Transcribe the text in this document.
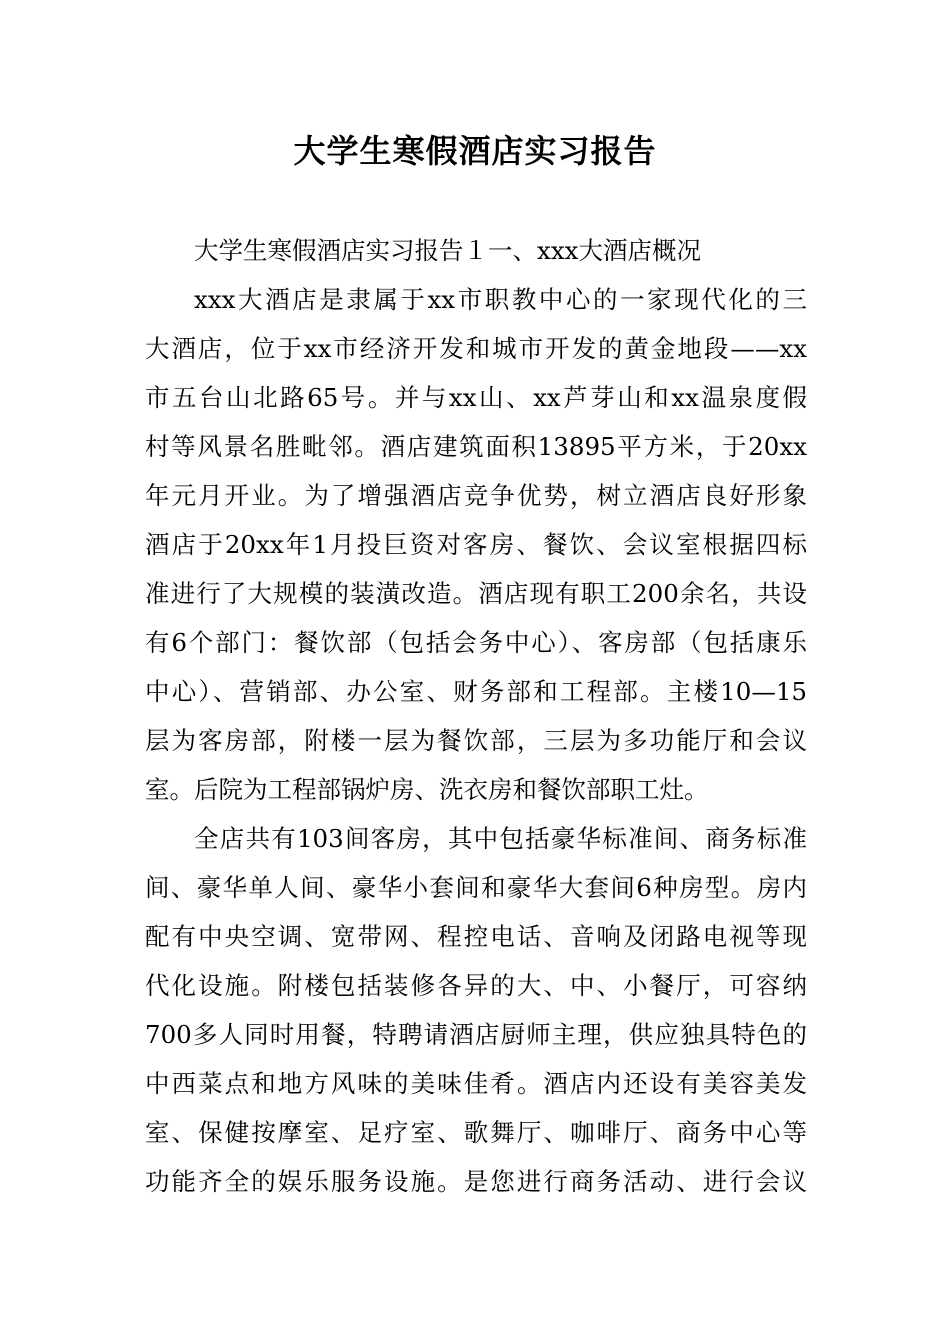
大学生寒假酒店实习报告

大学生寒假酒店实习报告１一、xxx大酒店概况

xxx大酒店是隶属于xx市职教中心的一家现代化的三
大酒店，位于xx市经济开发和城市开发的黄金地段——xx
市五台山北路65号。并与xx山、xx芦芽山和xx温泉度假
村等风景名胜毗邻。酒店建筑面积13895平方米，于20xx
年元月开业。为了增强酒店竞争优势，树立酒店良好形象
酒店于20xx年1月投巨资对客房、餐饮、会议室根据四标
准进行了大规模的装潢改造。酒店现有职工200余名，共设
有6个部门：餐饮部（包括会务中心）、客房部（包括康乐
中心）、营销部、办公室、财务部和工程部。主楼10—15
层为客房部，附楼一层为餐饮部，三层为多功能厅和会议
室。后院为工程部锅炉房、洗衣房和餐饮部职工灶。

全店共有103间客房，其中包括豪华标准间、商务标准
间、豪华单人间、豪华小套间和豪华大套间6种房型。房内
配有中央空调、宽带网、程控电话、音响及闭路电视等现
代化设施。附楼包括装修各异的大、中、小餐厅，可容纳
700多人同时用餐，特聘请酒店厨师主理，供应独具特色的
中西菜点和地方风味的美味佳肴。酒店内还设有美容美发
室、保健按摩室、足疗室、歌舞厅、咖啡厅、商务中心等
功能齐全的娱乐服务设施。是您进行商务活动、进行会议
